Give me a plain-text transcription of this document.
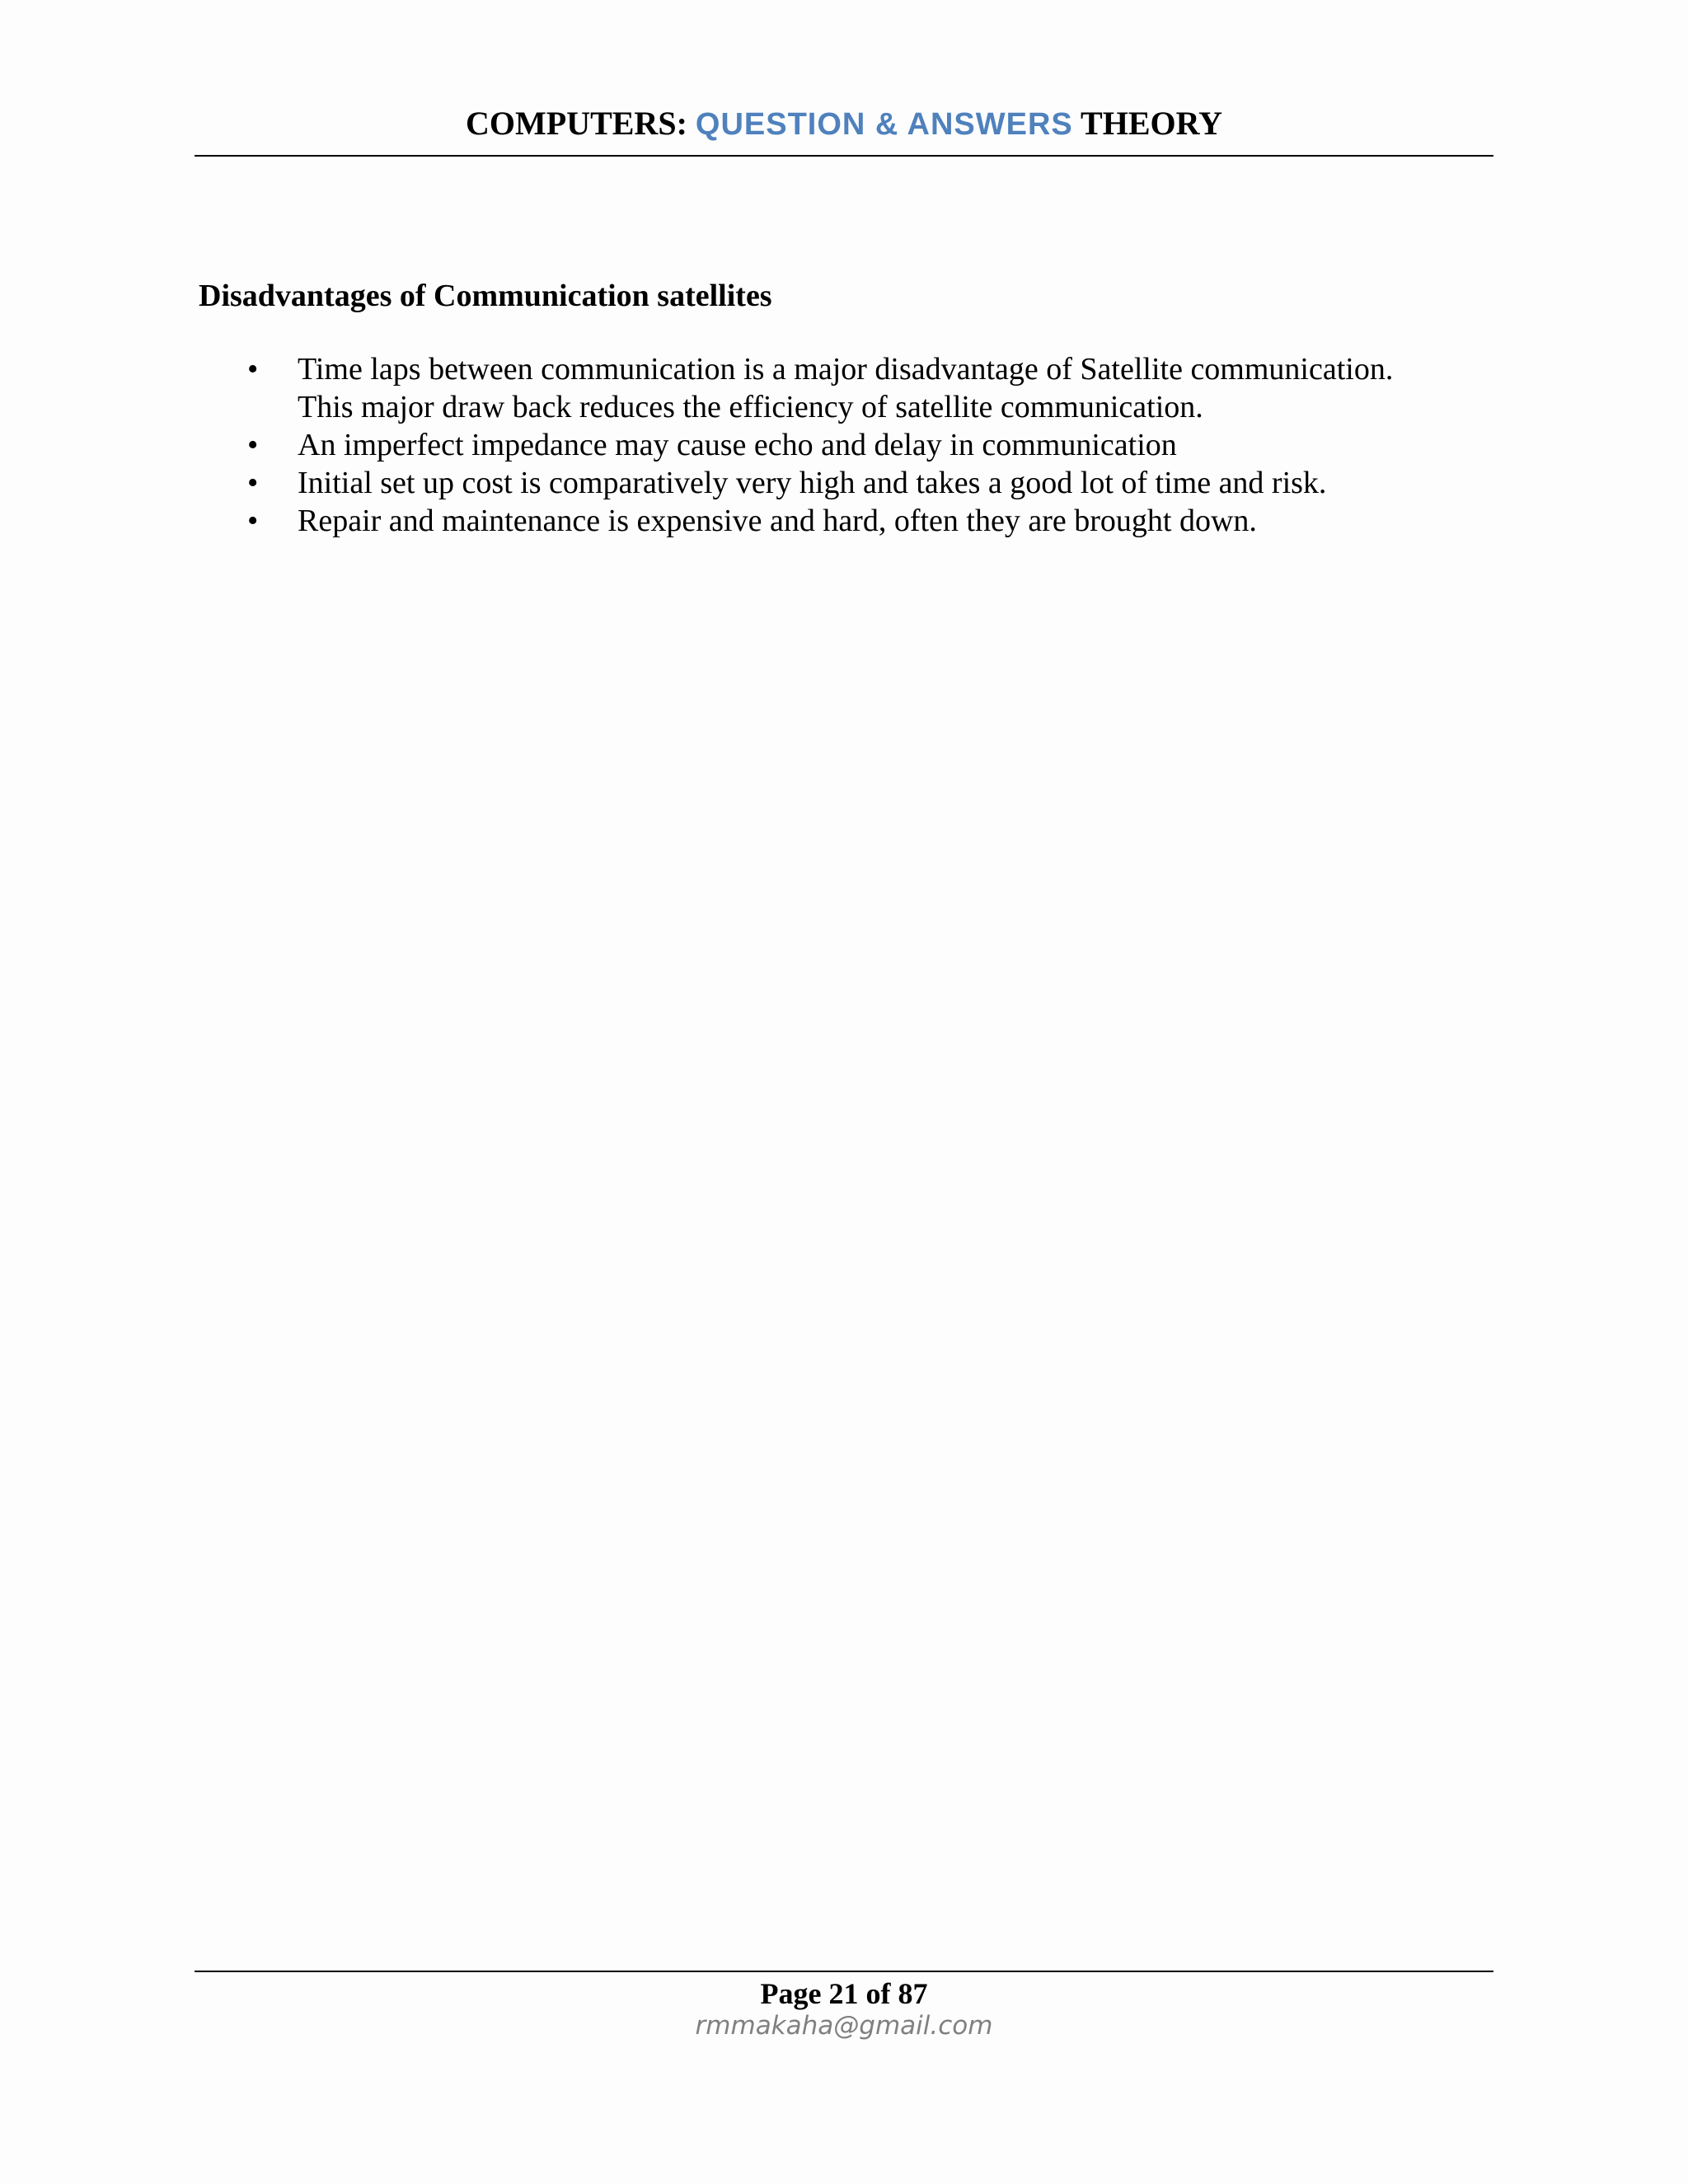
COMPUTERS: QUESTION & ANSWERS THEORY
Disadvantages of Communication satellites
• Time laps between communication is a major disadvantage of Satellite communication.
This major draw back reduces the efficiency of satellite communication.
• An imperfect impedance may cause echo and delay in communication
• Initial set up cost is comparatively very high and takes a good lot of time and risk.
• Repair and maintenance is expensive and hard, often they are brought down.
Page 21 of 87
rmmakaha@gmail.com
